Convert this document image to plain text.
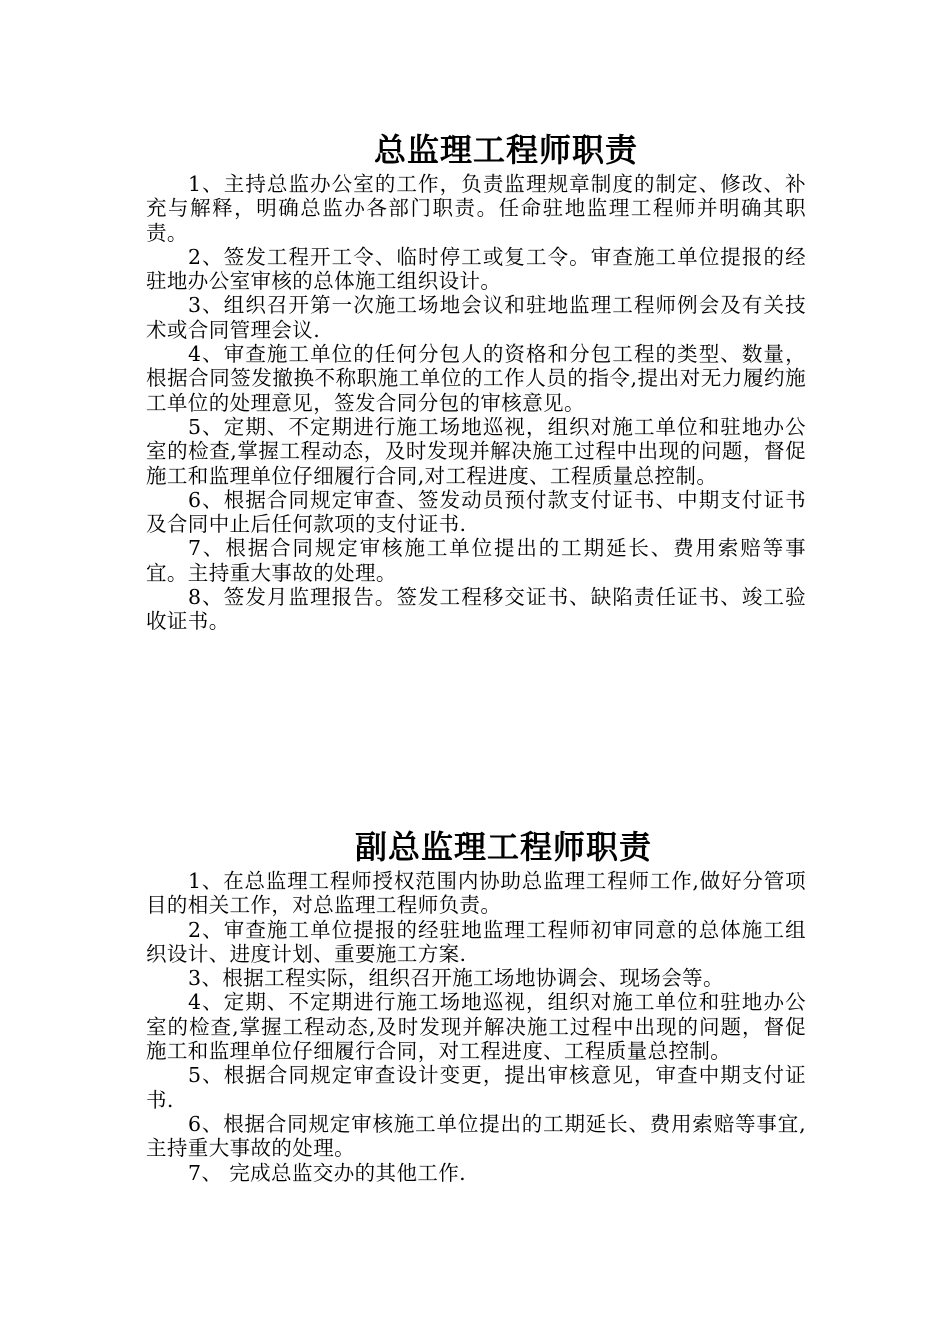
总监理工程师职责

1、主持总监办公室的工作，负责监理规章制度的制定、修改、补充与解释，明确总监办各部门职责。任命驻地监理工程师并明确其职责。

2、签发工程开工令、临时停工或复工令。审查施工单位提报的经驻地办公室审核的总体施工组织设计。

3、组织召开第一次施工场地会议和驻地监理工程师例会及有关技术或合同管理会议.

4、审查施工单位的任何分包人的资格和分包工程的类型、数量，根据合同签发撤换不称职施工单位的工作人员的指令,提出对无力履约施工单位的处理意见，签发合同分包的审核意见。

5、定期、不定期进行施工场地巡视，组织对施工单位和驻地办公室的检查,掌握工程动态，及时发现并解决施工过程中出现的问题，督促施工和监理单位仔细履行合同,对工程进度、工程质量总控制。

6、根据合同规定审查、签发动员预付款支付证书、中期支付证书及合同中止后任何款项的支付证书.

7、根据合同规定审核施工单位提出的工期延长、费用索赔等事宜。主持重大事故的处理。

8、签发月监理报告。签发工程移交证书、缺陷责任证书、竣工验收证书。

副总监理工程师职责

1、在总监理工程师授权范围内协助总监理工程师工作,做好分管项目的相关工作，对总监理工程师负责。

2、审查施工单位提报的经驻地监理工程师初审同意的总体施工组织设计、进度计划、重要施工方案.

3、根据工程实际，组织召开施工场地协调会、现场会等。

4、定期、不定期进行施工场地巡视，组织对施工单位和驻地办公室的检查,掌握工程动态,及时发现并解决施工过程中出现的问题，督促施工和监理单位仔细履行合同，对工程进度、工程质量总控制。

5、根据合同规定审查设计变更，提出审核意见，审查中期支付证书.

6、根据合同规定审核施工单位提出的工期延长、费用索赔等事宜,主持重大事故的处理。

7、 完成总监交办的其他工作.
